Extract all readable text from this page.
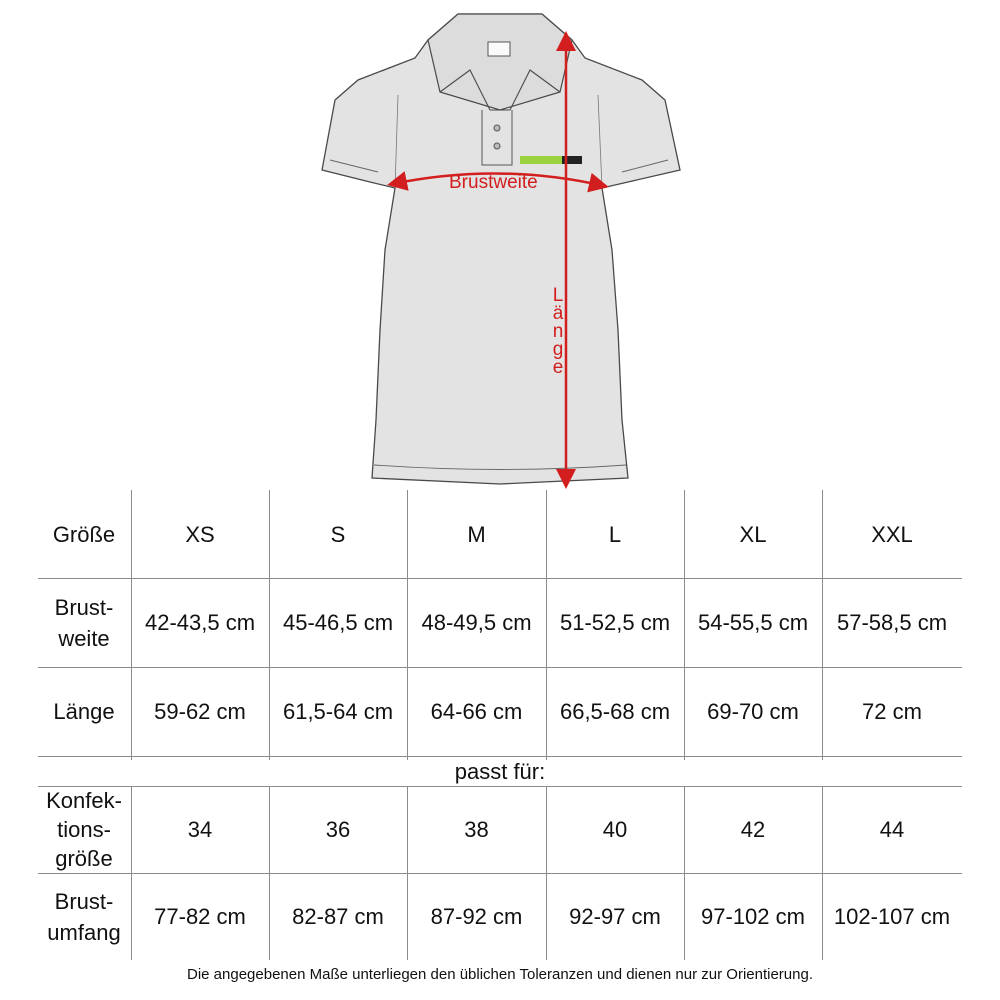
Brustweite
Länge
Größe	XS	S	M	L	XL	XXL
Brust-
weite
42-43,5 cm	45-46,5 cm	48-49,5 cm	51-52,5 cm	54-55,5 cm	57-58,5 cm
Länge	59-62 cm	61,5-64 cm	64-66 cm	66,5-68 cm	69-70 cm	72 cm
passt für:
Konfek-
tions-
größe
34	36	38	40	42	44
Brust-
umfang
77-82 cm	82-87 cm	87-92 cm	92-97 cm	97-102 cm	102-107 cm
Die angegebenen Maße unterliegen den üblichen Toleranzen und dienen nur zur Orientierung.
